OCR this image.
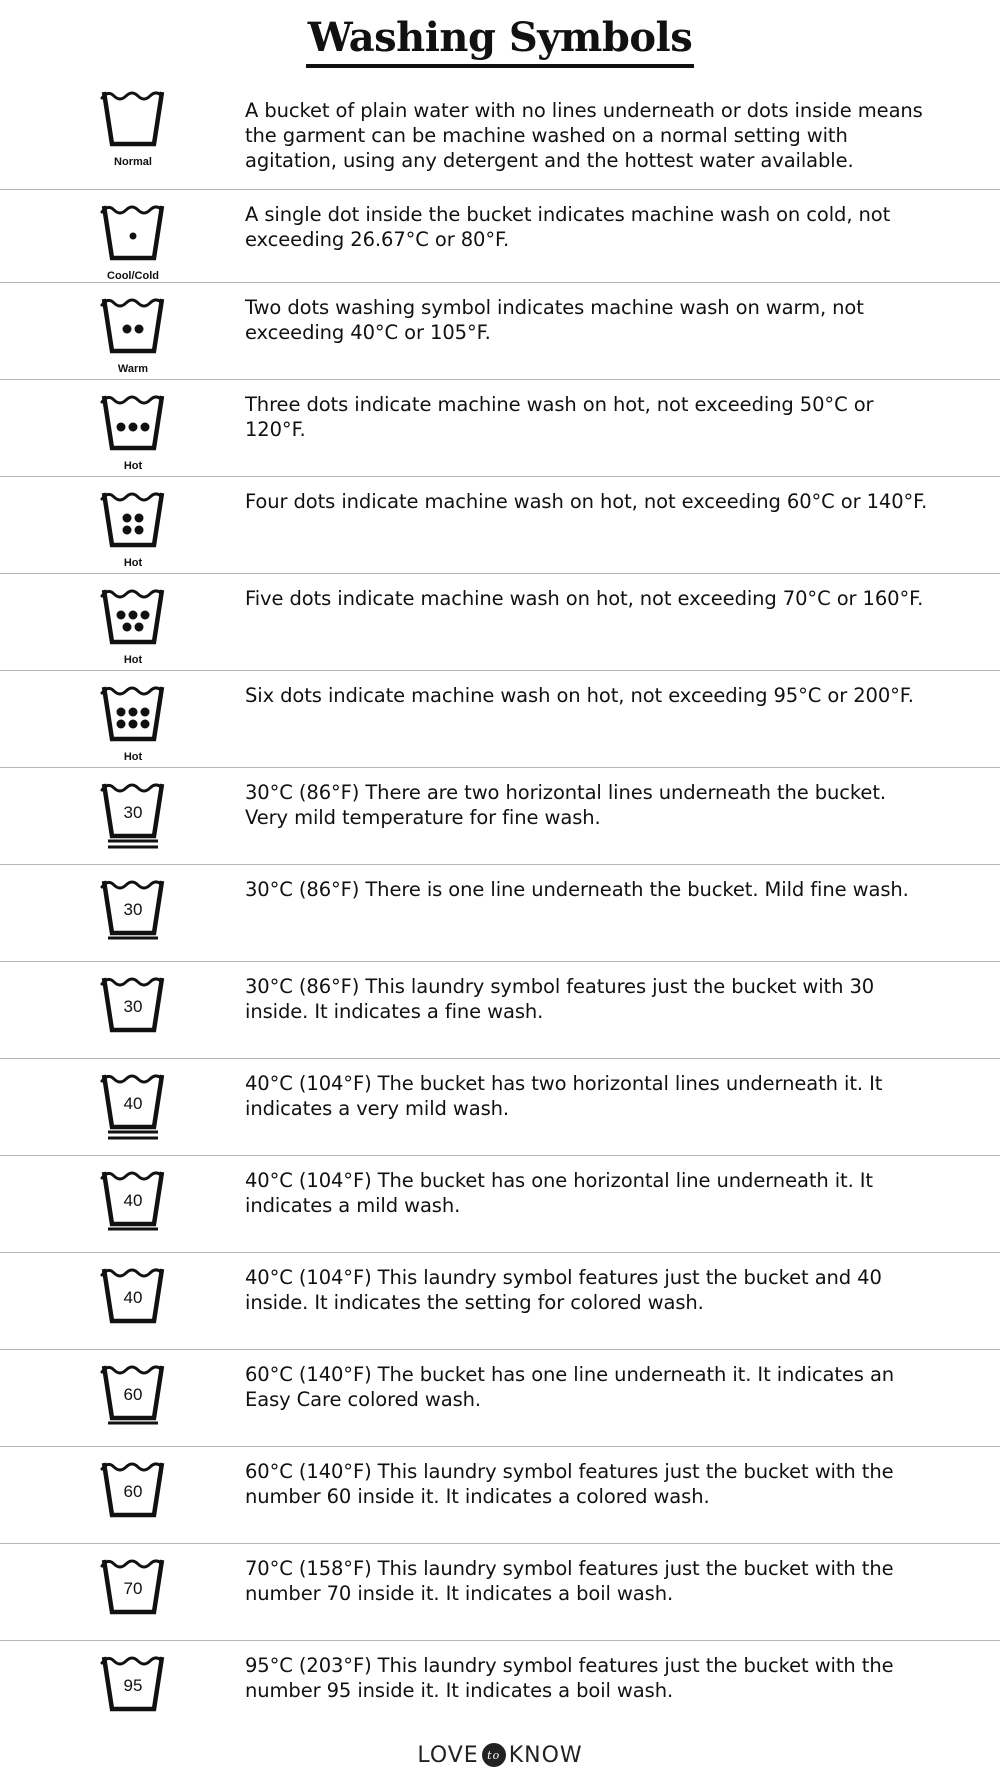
Washing Symbols
Normal
A bucket of plain water with no lines underneath or dots inside means the garment can be machine washed on a normal setting with agitation, using any detergent and the hottest water available.
Cool/Cold
A single dot inside the bucket indicates machine wash on cold, not exceeding 26.67°C or 80°F.
Warm
Two dots washing symbol indicates machine wash on warm, not exceeding 40°C or 105°F.
Hot
Three dots indicate machine wash on hot, not exceeding 50°C or 120°F.
Hot
Four dots indicate machine wash on hot, not exceeding 60°C or 140°F.
Hot
Five dots indicate machine wash on hot, not exceeding 70°C or 160°F.
Hot
Six dots indicate machine wash on hot, not exceeding 95°C or 200°F.
30
30°C (86°F) There are two horizontal lines underneath the bucket. Very mild temperature for fine wash.
30
30°C (86°F) There is one line underneath the bucket. Mild fine wash.
30
30°C (86°F) This laundry symbol features just the bucket with 30 inside. It indicates a fine wash.
40
40°C (104°F) The bucket has two horizontal lines underneath it. It indicates a very mild wash.
40
40°C (104°F) The bucket has one horizontal line underneath it. It indicates a mild wash.
40
40°C (104°F) This laundry symbol features just the bucket and 40 inside. It indicates the setting for colored wash.
60
60°C (140°F) The bucket has one line underneath it. It indicates an Easy Care colored wash.
60
60°C (140°F) This laundry symbol features just the bucket with the number 60 inside it. It indicates a colored wash.
70
70°C (158°F) This laundry symbol features just the bucket with the number 70 inside it. It indicates a boil wash.
95
95°C (203°F) This laundry symbol features just the bucket with the number 95 inside it. It indicates a boil wash.
LOVE to KNOW
